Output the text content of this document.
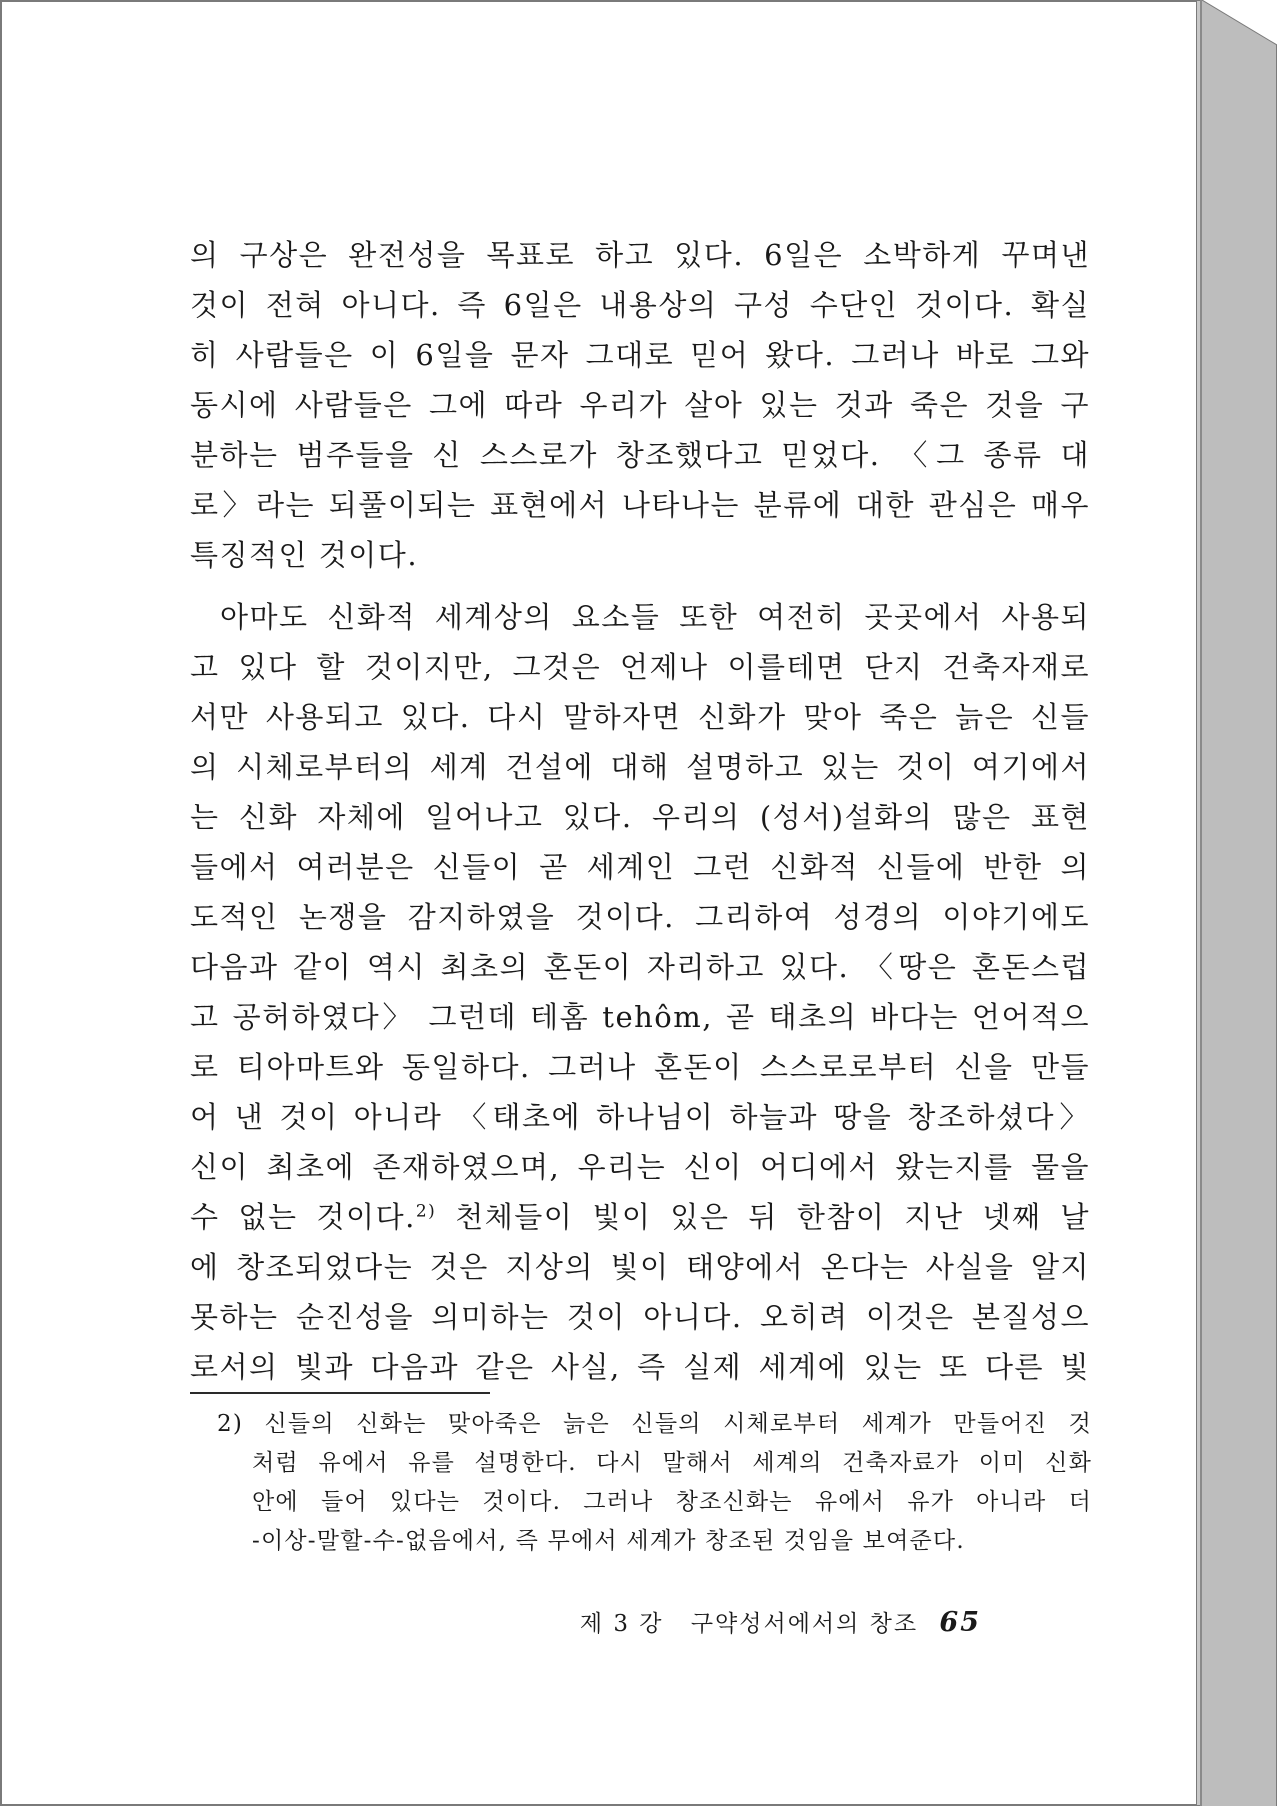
의 구상은 완전성을 목표로 하고 있다. 6일은 소박하게 꾸며낸

것이 전혀 아니다. 즉 6일은 내용상의 구성 수단인 것이다. 확실

히 사람들은 이 6일을 문자 그대로 믿어 왔다. 그러나 바로 그와

동시에 사람들은 그에 따라 우리가 살아 있는 것과 죽은 것을 구

분하는 범주들을 신 스스로가 창조했다고 믿었다. 〈그 종류 대

로〉라는 되풀이되는 표현에서 나타나는 분류에 대한 관심은 매우

특징적인 것이다.

아마도 신화적 세계상의 요소들 또한 여전히 곳곳에서 사용되

고 있다 할 것이지만, 그것은 언제나 이를테면 단지 건축자재로

서만 사용되고 있다. 다시 말하자면 신화가 맞아 죽은 늙은 신들

의 시체로부터의 세계 건설에 대해 설명하고 있는 것이 여기에서

는 신화 자체에 일어나고 있다. 우리의 (성서)설화의 많은 표현

들에서 여러분은 신들이 곧 세계인 그런 신화적 신들에 반한 의

도적인 논쟁을 감지하였을 것이다. 그리하여 성경의 이야기에도

다음과 같이 역시 최초의 혼돈이 자리하고 있다. 〈땅은 혼돈스럽

고 공허하였다〉 그런데 테홈 tehôm, 곧 태초의 바다는 언어적으

로 티아마트와 동일하다. 그러나 혼돈이 스스로로부터 신을 만들

어 낸 것이 아니라 〈태초에 하나님이 하늘과 땅을 창조하셨다〉

신이 최초에 존재하였으며, 우리는 신이 어디에서 왔는지를 물을

수 없는 것이다.$^{2)}$ 천체들이 빛이 있은 뒤 한참이 지난 넷째 날

에 창조되었다는 것은 지상의 빛이 태양에서 온다는 사실을 알지

못하는 순진성을 의미하는 것이 아니다. 오히려 이것은 본질성으

로서의 빛과 다음과 같은 사실, 즉 실제 세계에 있는 또 다른 빛

2) 신들의 신화는 맞아죽은 늙은 신들의 시체로부터 세계가 만들어진 것

처럼 유에서 유를 설명한다. 다시 말해서 세계의 건축자료가 이미 신화

안에 들어 있다는 것이다. 그러나 창조신화는 유에서 유가 아니라 더

-이상-말할-수-없음에서, 즉 무에서 세계가 창조된 것임을 보여준다.

제 3 강 구약성서에서의 창조 65
